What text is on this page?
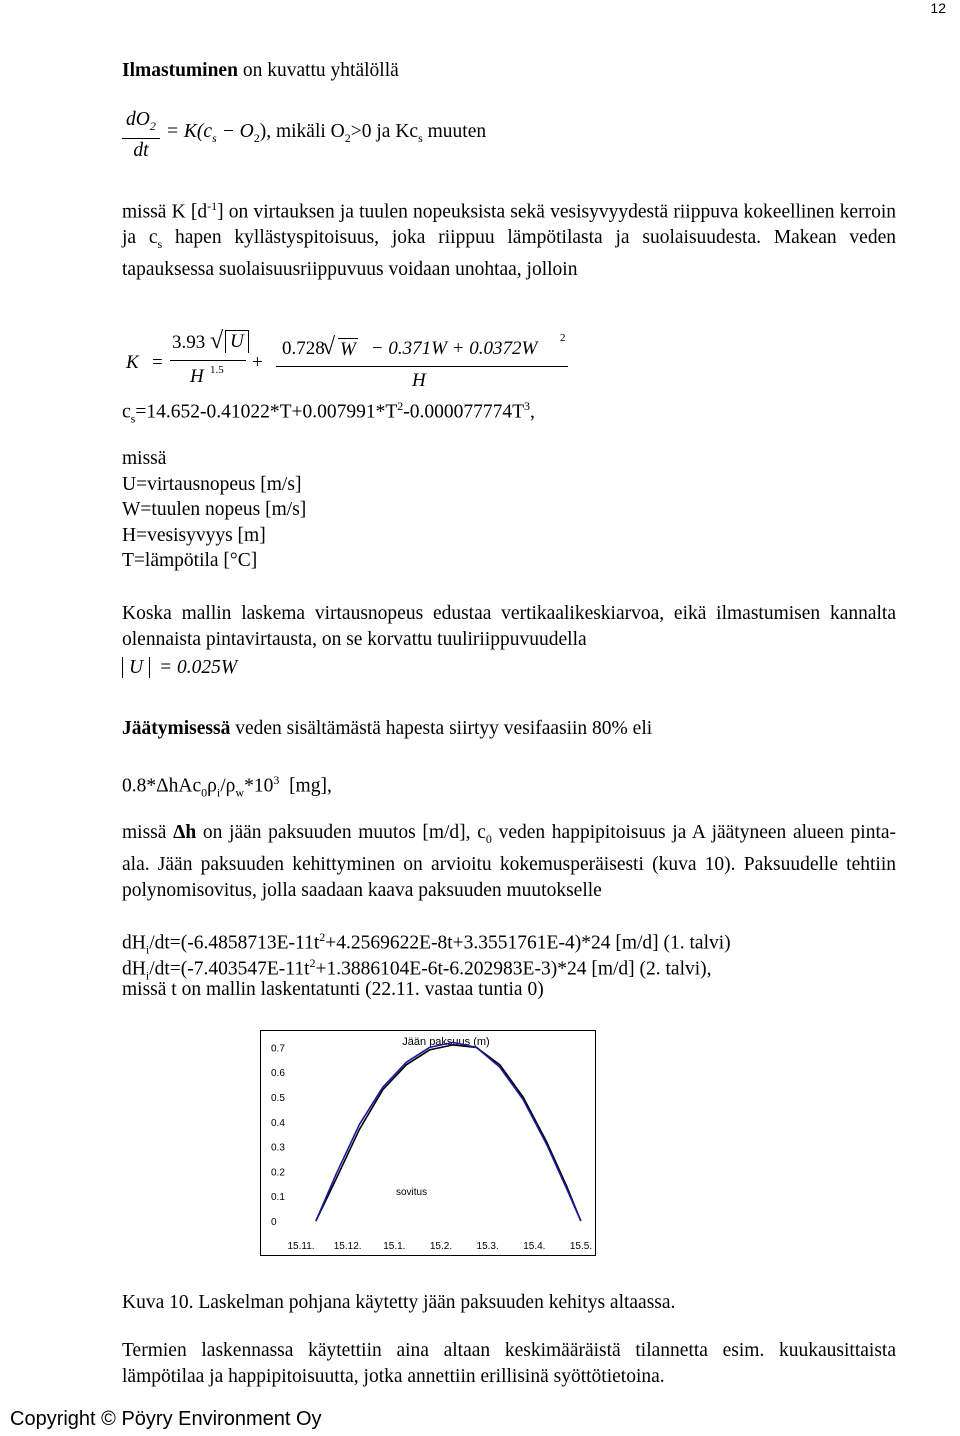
12
Ilmastuminen on kuvattu yhtälöllä
$\frac{dO_2}{dt} = K(c_s - O_2)$, mikäli $O_2>0$ ja $Kc_s$ muuten
missä K $[d^{-1}]$ on virtauksen ja tuulen nopeuksista sekä vesisyvyydestä riippuva kokeellinen kerroin ja $c_s$ hapen kyllästyspitoisuus, joka riippuu lämpötilasta ja suolaisuudesta. Makean veden tapauksessa suolaisuusriippuvuus voidaan unohtaa, jolloin
K =
3.93 √ U
H 1.5 +
0.728
√ W − 0.371W + 0.0372W 2
H
$c_s=14.652-0.41022*T+0.007991*T^2-0.000077774T^3$,
missä
U=virtausnopeus [m/s]
W=tuulen nopeus [m/s]
H=vesisyvyys [m]
T=lämpötila [°C]
Koska mallin laskema virtausnopeus edustaa vertikaalikeskiarvoa, eikä ilmastumisen kannalta olennaista pintavirtausta, on se korvattu tuuliriippuvuudella
U = 0.025W
Jäätymisessä veden sisältämästä hapesta siirtyy vesifaasiin 80% eli
$0.8*\Delta hAc_0\rho_i/\rho_w*10^3$  [mg],
missä Δh on jään paksuuden muutos [m/d], $c_0$ veden happipitoisuus ja A jäätyneen alueen pinta-ala. Jään paksuuden kehittyminen on arvioitu kokemusperäisesti (kuva 10). Paksuudelle tehtiin polynomisovitus, jolla saadaan kaava paksuuden muutokselle
$dH_i/dt=(-6.4858713E-11t^2+4.2569622E-8t+3.3551761E-4)*24$ [m/d] (1. talvi)
$dH_i/dt=(-7.403547E-11t^2+1.3886104E-6t-6.202983E-3)*24$ [m/d] (2. talvi),
missä t on mallin laskentatunti (22.11. vastaa tuntia 0)
0
0.1
0.2
0.3
0.4
0.5
0.6
0.7
15.11. 15.12. 15.1. 15.2. 15.3. 15.4. 15.5.
Jään paksuus (m)
sovitus
Kuva 10. Laskelman pohjana käytetty jään paksuuden kehitys altaassa.
Termien laskennassa käytettiin aina altaan keskimääräistä tilannetta esim. kuukausittaista lämpötilaa ja happipitoisuutta, jotka annettiin erillisinä syöttötietoina.
Copyright © Pöyry Environment Oy
